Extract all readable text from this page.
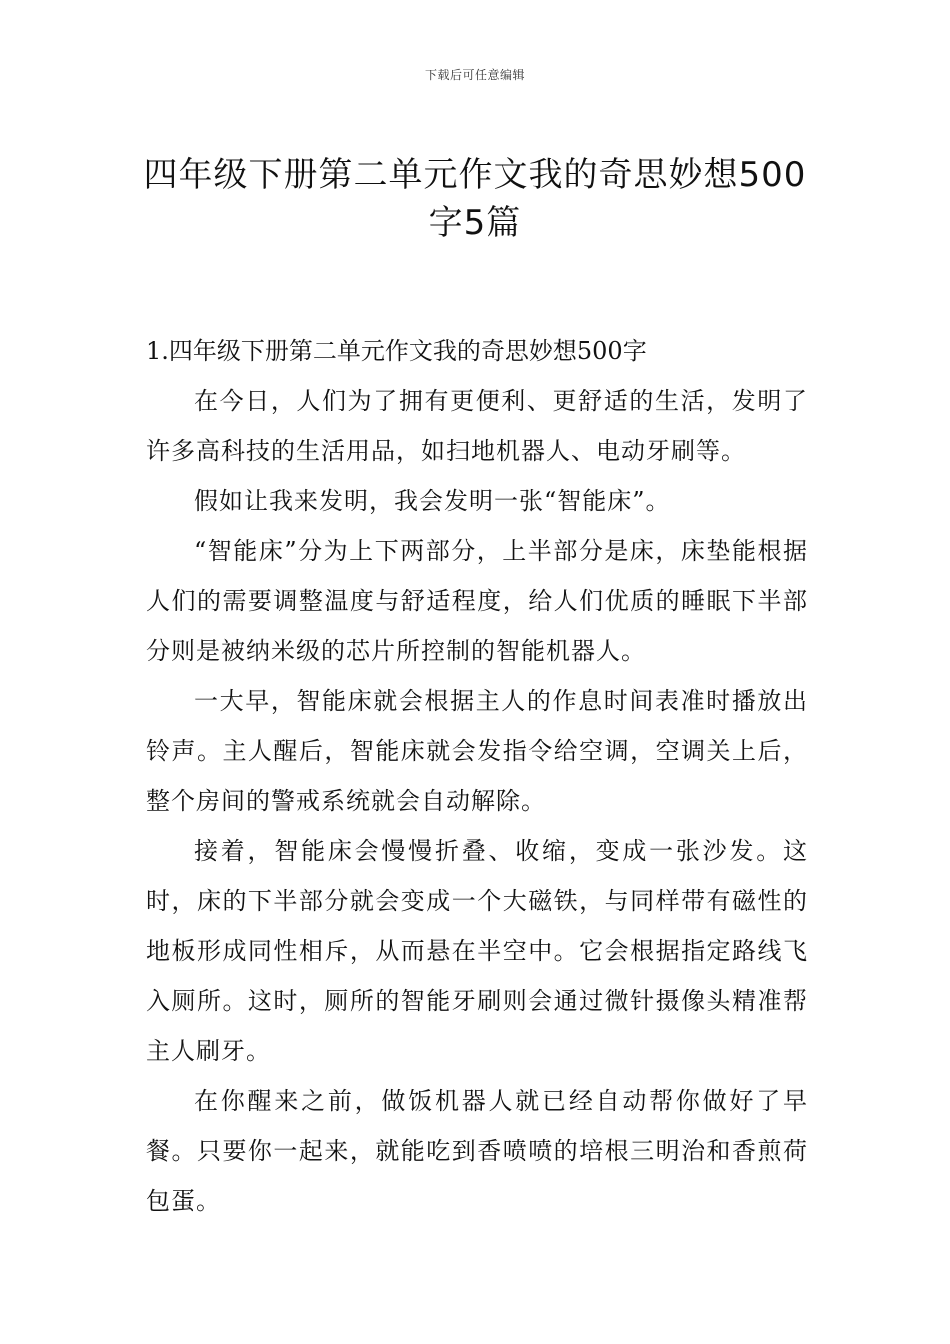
下载后可任意编辑
四年级下册第二单元作文我的奇思妙想500字5篇

1.四年级下册第二单元作文我的奇思妙想500字

在今日，人们为了拥有更便利、更舒适的生活，发明了许多高科技的生活用品，如扫地机器人、电动牙刷等。

假如让我来发明，我会发明一张“智能床”。

“智能床”分为上下两部分，上半部分是床，床垫能根据人们的需要调整温度与舒适程度，给人们优质的睡眠下半部分则是被纳米级的芯片所控制的智能机器人。

一大早，智能床就会根据主人的作息时间表准时播放出铃声。主人醒后，智能床就会发指令给空调，空调关上后，整个房间的警戒系统就会自动解除。

接着，智能床会慢慢折叠、收缩，变成一张沙发。这时，床的下半部分就会变成一个大磁铁，与同样带有磁性的地板形成同性相斥，从而悬在半空中。它会根据指定路线飞入厕所。这时，厕所的智能牙刷则会通过微针摄像头精准帮主人刷牙。

在你醒来之前，做饭机器人就已经自动帮你做好了早餐。只要你一起来，就能吃到香喷喷的培根三明治和香煎荷包蛋。
